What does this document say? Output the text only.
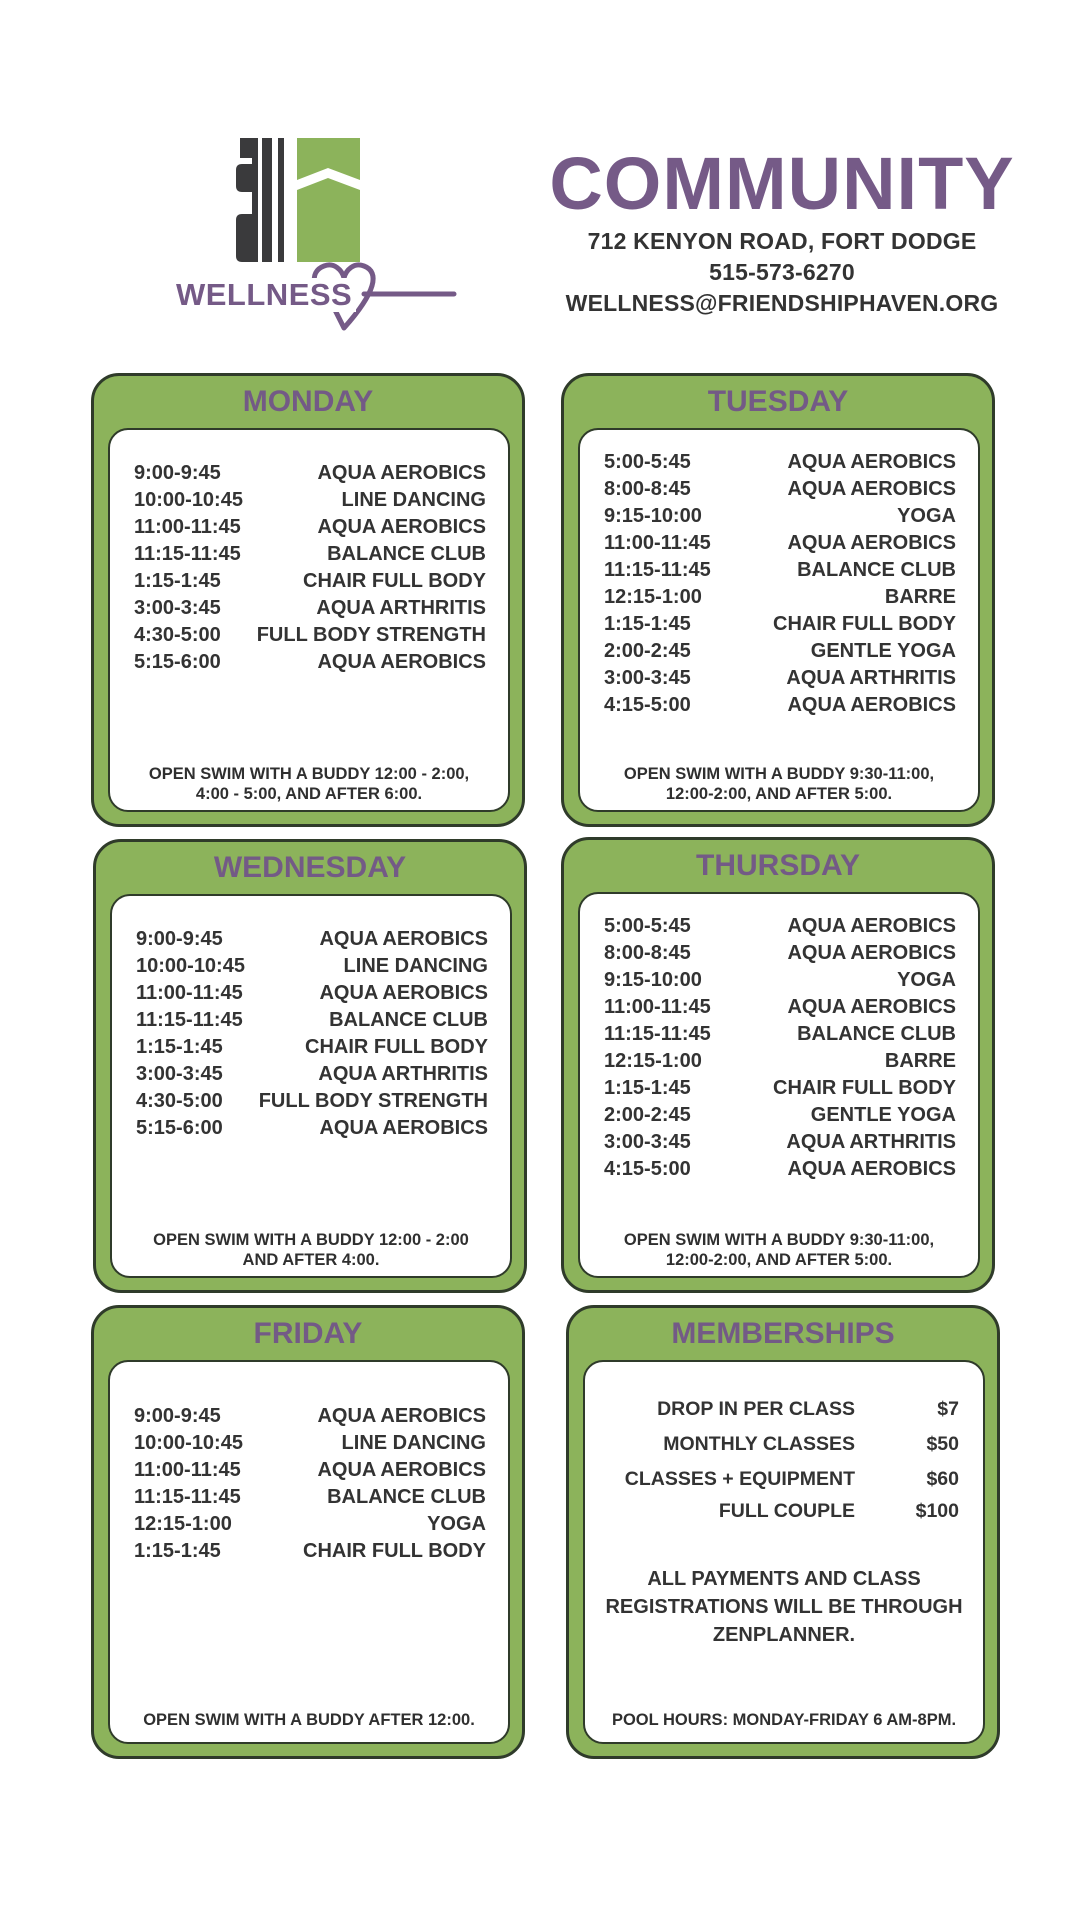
WELLNESS
COMMUNITY
712 KENYON ROAD, FORT DODGE
515-573-6270
WELLNESS@FRIENDSHIPHAVEN.ORG
MONDAY
9:00-9:45	AQUA AEROBICS
10:00-10:45	LINE DANCING
11:00-11:45	AQUA AEROBICS
11:15-11:45	BALANCE CLUB
1:15-1:45	CHAIR FULL BODY
3:00-3:45	AQUA ARTHRITIS
4:30-5:00 FULL BODY STRENGTH
5:15-6:00	AQUA AEROBICS
OPEN SWIM WITH A BUDDY 12:00 - 2:00,
4:00 - 5:00, AND AFTER 6:00.
TUESDAY
5:00-5:45	AQUA AEROBICS
8:00-8:45	AQUA AEROBICS
9:15-10:00	YOGA
11:00-11:45	AQUA AEROBICS
11:15-11:45	BALANCE CLUB
12:15-1:00	BARRE
1:15-1:45	CHAIR FULL BODY
2:00-2:45	GENTLE YOGA
3:00-3:45	AQUA ARTHRITIS
4:15-5:00	AQUA AEROBICS
OPEN SWIM WITH A BUDDY 9:30-11:00,
12:00-2:00, AND AFTER 5:00.
WEDNESDAY
9:00-9:45	AQUA AEROBICS
10:00-10:45	LINE DANCING
11:00-11:45	AQUA AEROBICS
11:15-11:45	BALANCE CLUB
1:15-1:45	CHAIR FULL BODY
3:00-3:45	AQUA ARTHRITIS
4:30-5:00 FULL BODY STRENGTH
5:15-6:00	AQUA AEROBICS
OPEN SWIM WITH A BUDDY 12:00 - 2:00
AND AFTER 4:00.
THURSDAY
5:00-5:45	AQUA AEROBICS
8:00-8:45	AQUA AEROBICS
9:15-10:00	YOGA
11:00-11:45	AQUA AEROBICS
11:15-11:45	BALANCE CLUB
12:15-1:00	BARRE
1:15-1:45	CHAIR FULL BODY
2:00-2:45	GENTLE YOGA
3:00-3:45	AQUA ARTHRITIS
4:15-5:00	AQUA AEROBICS
OPEN SWIM WITH A BUDDY 9:30-11:00,
12:00-2:00, AND AFTER 5:00.
FRIDAY
9:00-9:45	AQUA AEROBICS
10:00-10:45	LINE DANCING
11:00-11:45	AQUA AEROBICS
11:15-11:45	BALANCE CLUB
12:15-1:00	YOGA
1:15-1:45	CHAIR FULL BODY
OPEN SWIM WITH A BUDDY AFTER 12:00.
MEMBERSHIPS
DROP IN PER CLASS	$7
MONTHLY CLASSES	$50
CLASSES + EQUIPMENT	$60
FULL COUPLE	$100
ALL PAYMENTS AND CLASS
REGISTRATIONS WILL BE THROUGH
ZENPLANNER.
POOL HOURS: MONDAY-FRIDAY 6 AM-8PM.
